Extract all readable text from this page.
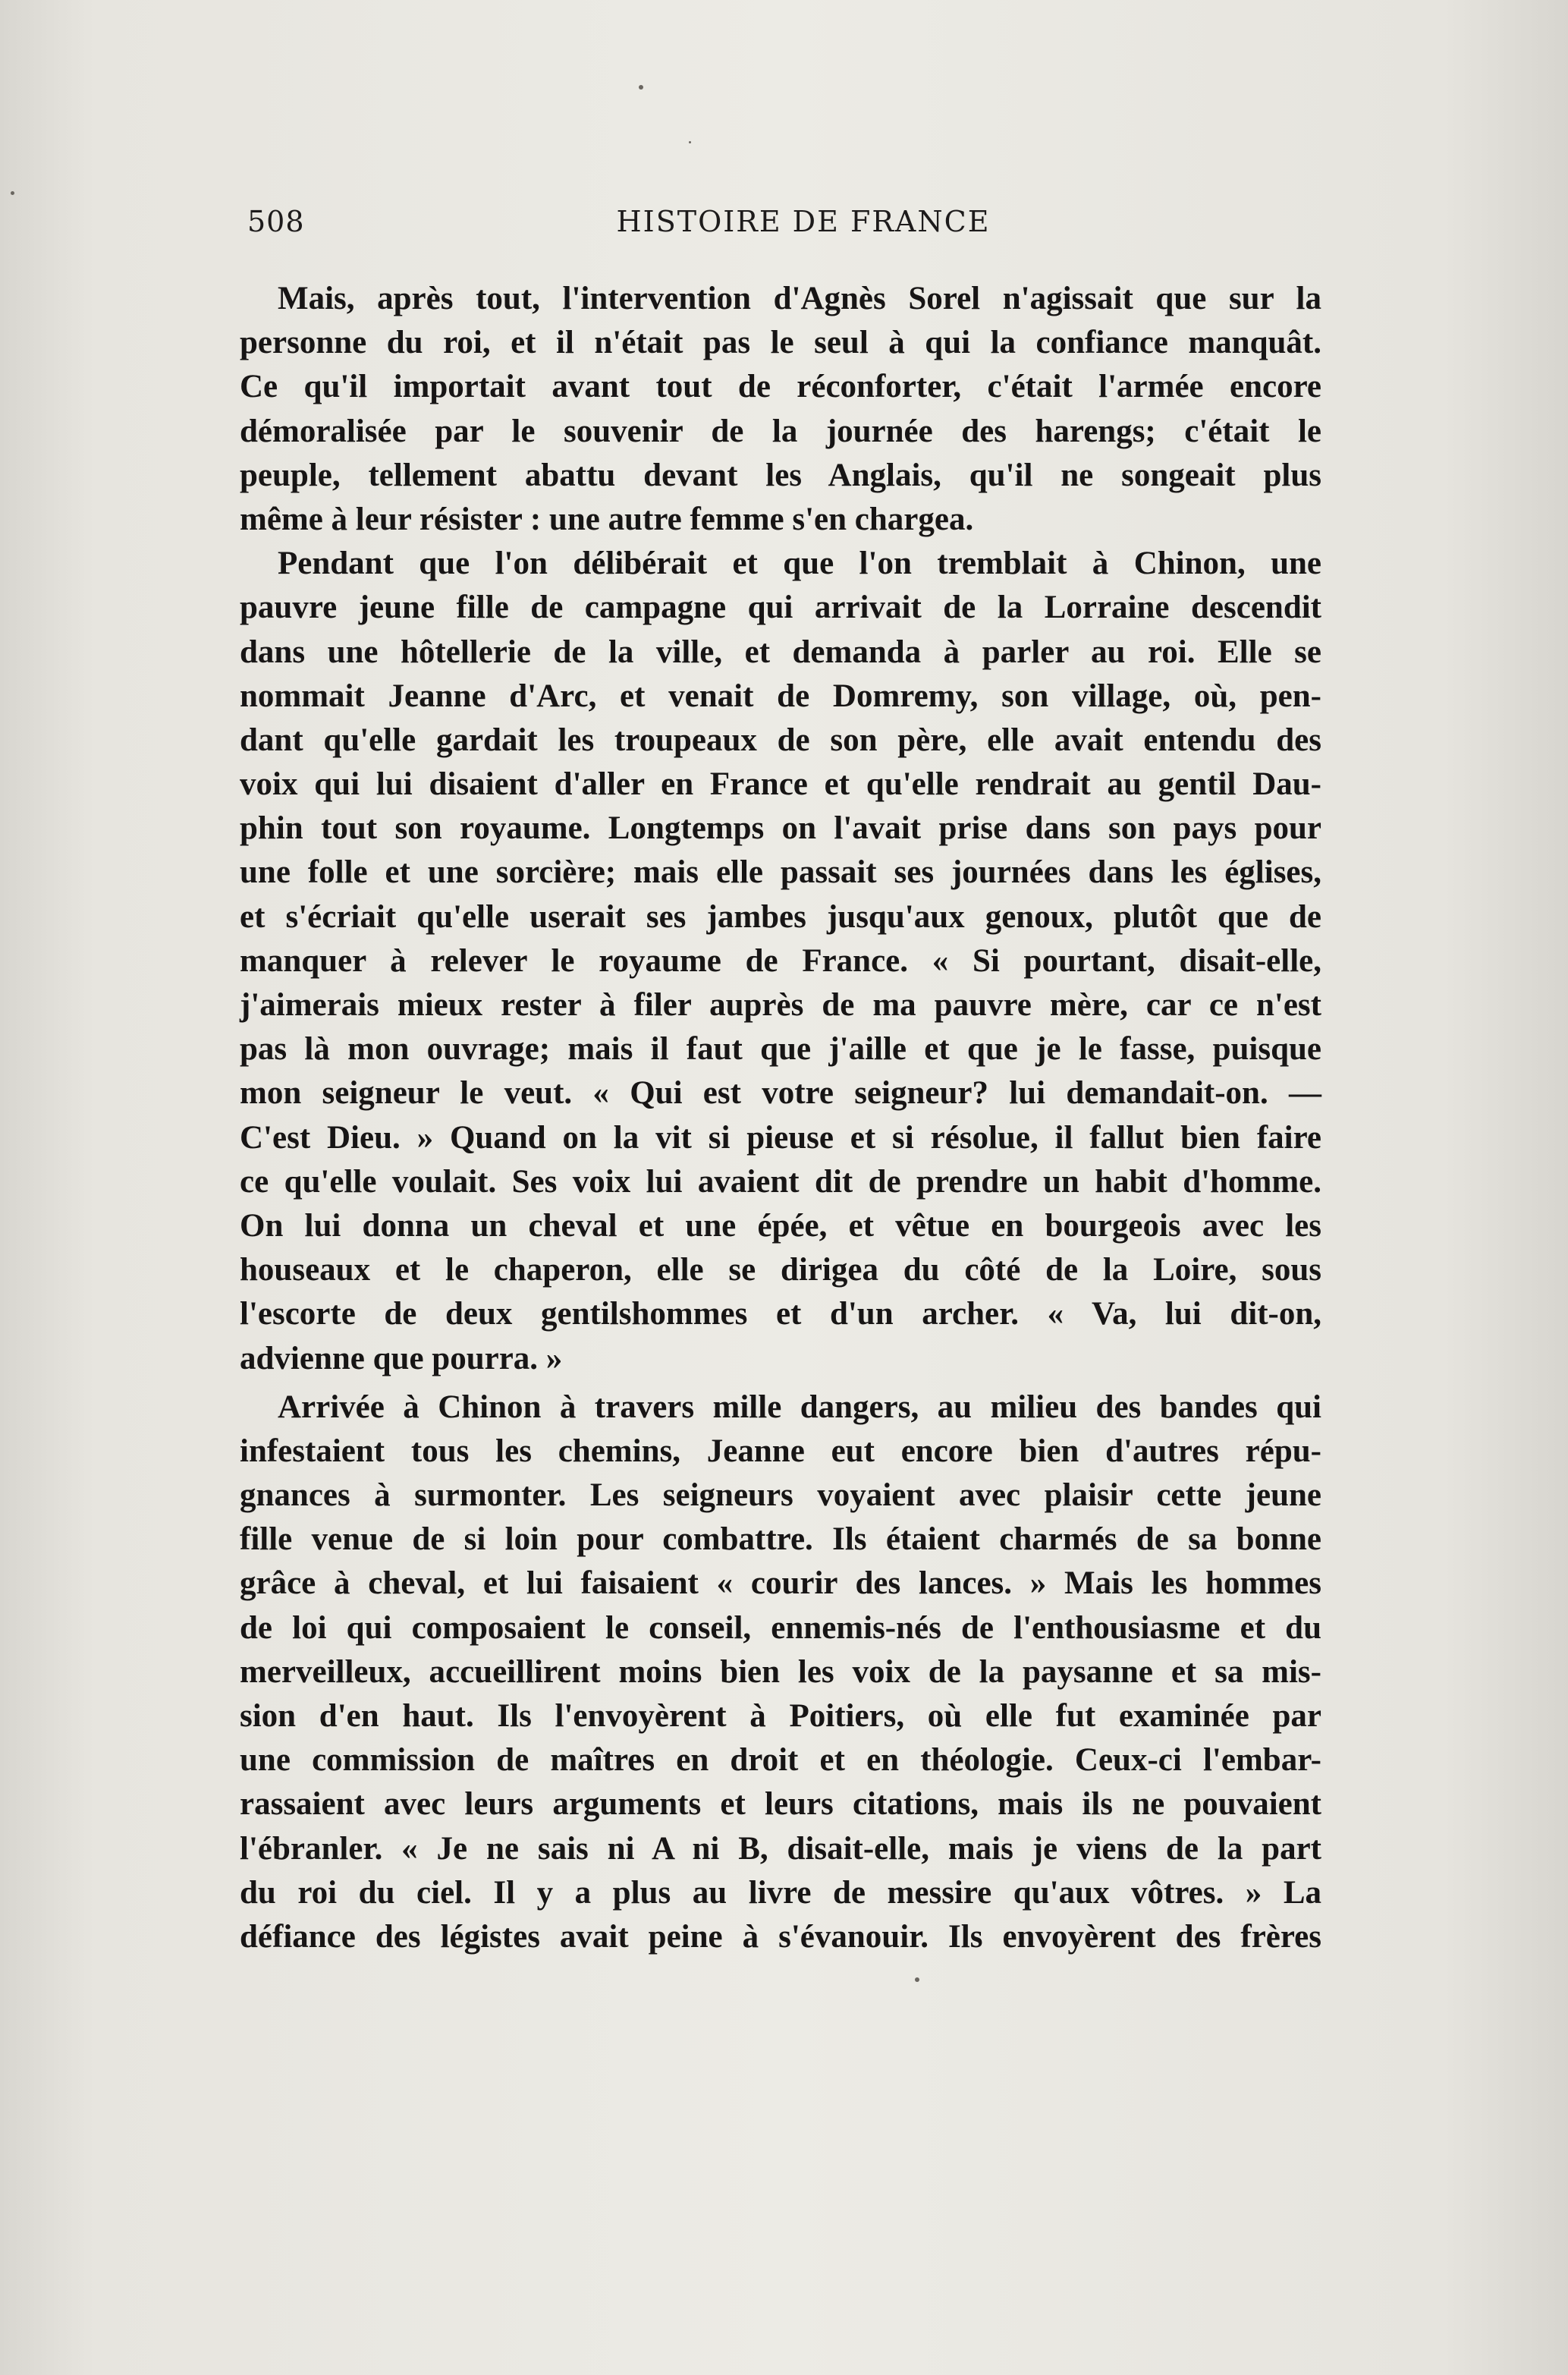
508	HISTOIRE DE FRANCE
Mais, après tout, l'intervention d'Agnès Sorel n'agissait que sur la
personne du roi, et il n'était pas le seul à qui la confiance manquât.
Ce qu'il importait avant tout de réconforter, c'était l'armée encore
démoralisée par le souvenir de la journée des harengs; c'était le
peuple, tellement abattu devant les Anglais, qu'il ne songeait plus
même à leur résister : une autre femme s'en chargea.
Pendant que l'on délibérait et que l'on tremblait à Chinon, une
pauvre jeune fille de campagne qui arrivait de la Lorraine descendit
dans une hôtellerie de la ville, et demanda à parler au roi. Elle se
nommait Jeanne d'Arc, et venait de Domremy, son village, où, pen-
dant qu'elle gardait les troupeaux de son père, elle avait entendu des
voix qui lui disaient d'aller en France et qu'elle rendrait au gentil Dau-
phin tout son royaume. Longtemps on l'avait prise dans son pays pour
une folle et une sorcière; mais elle passait ses journées dans les églises,
et s'écriait qu'elle userait ses jambes jusqu'aux genoux, plutôt que de
manquer à relever le royaume de France. « Si pourtant, disait-elle,
j'aimerais mieux rester à filer auprès de ma pauvre mère, car ce n'est
pas là mon ouvrage; mais il faut que j'aille et que je le fasse, puisque
mon seigneur le veut. « Qui est votre seigneur? lui demandait-on. —
C'est Dieu. » Quand on la vit si pieuse et si résolue, il fallut bien faire
ce qu'elle voulait. Ses voix lui avaient dit de prendre un habit d'homme.
On lui donna un cheval et une épée, et vêtue en bourgeois avec les
houseaux et le chaperon, elle se dirigea du côté de la Loire, sous
l'escorte de deux gentilshommes et d'un archer. « Va, lui dit-on,
advienne que pourra. »
Arrivée à Chinon à travers mille dangers, au milieu des bandes qui
infestaient tous les chemins, Jeanne eut encore bien d'autres répu-
gnances à surmonter. Les seigneurs voyaient avec plaisir cette jeune
fille venue de si loin pour combattre. Ils étaient charmés de sa bonne
grâce à cheval, et lui faisaient « courir des lances. » Mais les hommes
de loi qui composaient le conseil, ennemis-nés de l'enthousiasme et du
merveilleux, accueillirent moins bien les voix de la paysanne et sa mis-
sion d'en haut. Ils l'envoyèrent à Poitiers, où elle fut examinée par
une commission de maîtres en droit et en théologie. Ceux-ci l'embar-
rassaient avec leurs arguments et leurs citations, mais ils ne pouvaient
l'ébranler. « Je ne sais ni A ni B, disait-elle, mais je viens de la part
du roi du ciel. Il y a plus au livre de messire qu'aux vôtres. » La
défiance des légistes avait peine à s'évanouir. Ils envoyèrent des frères
